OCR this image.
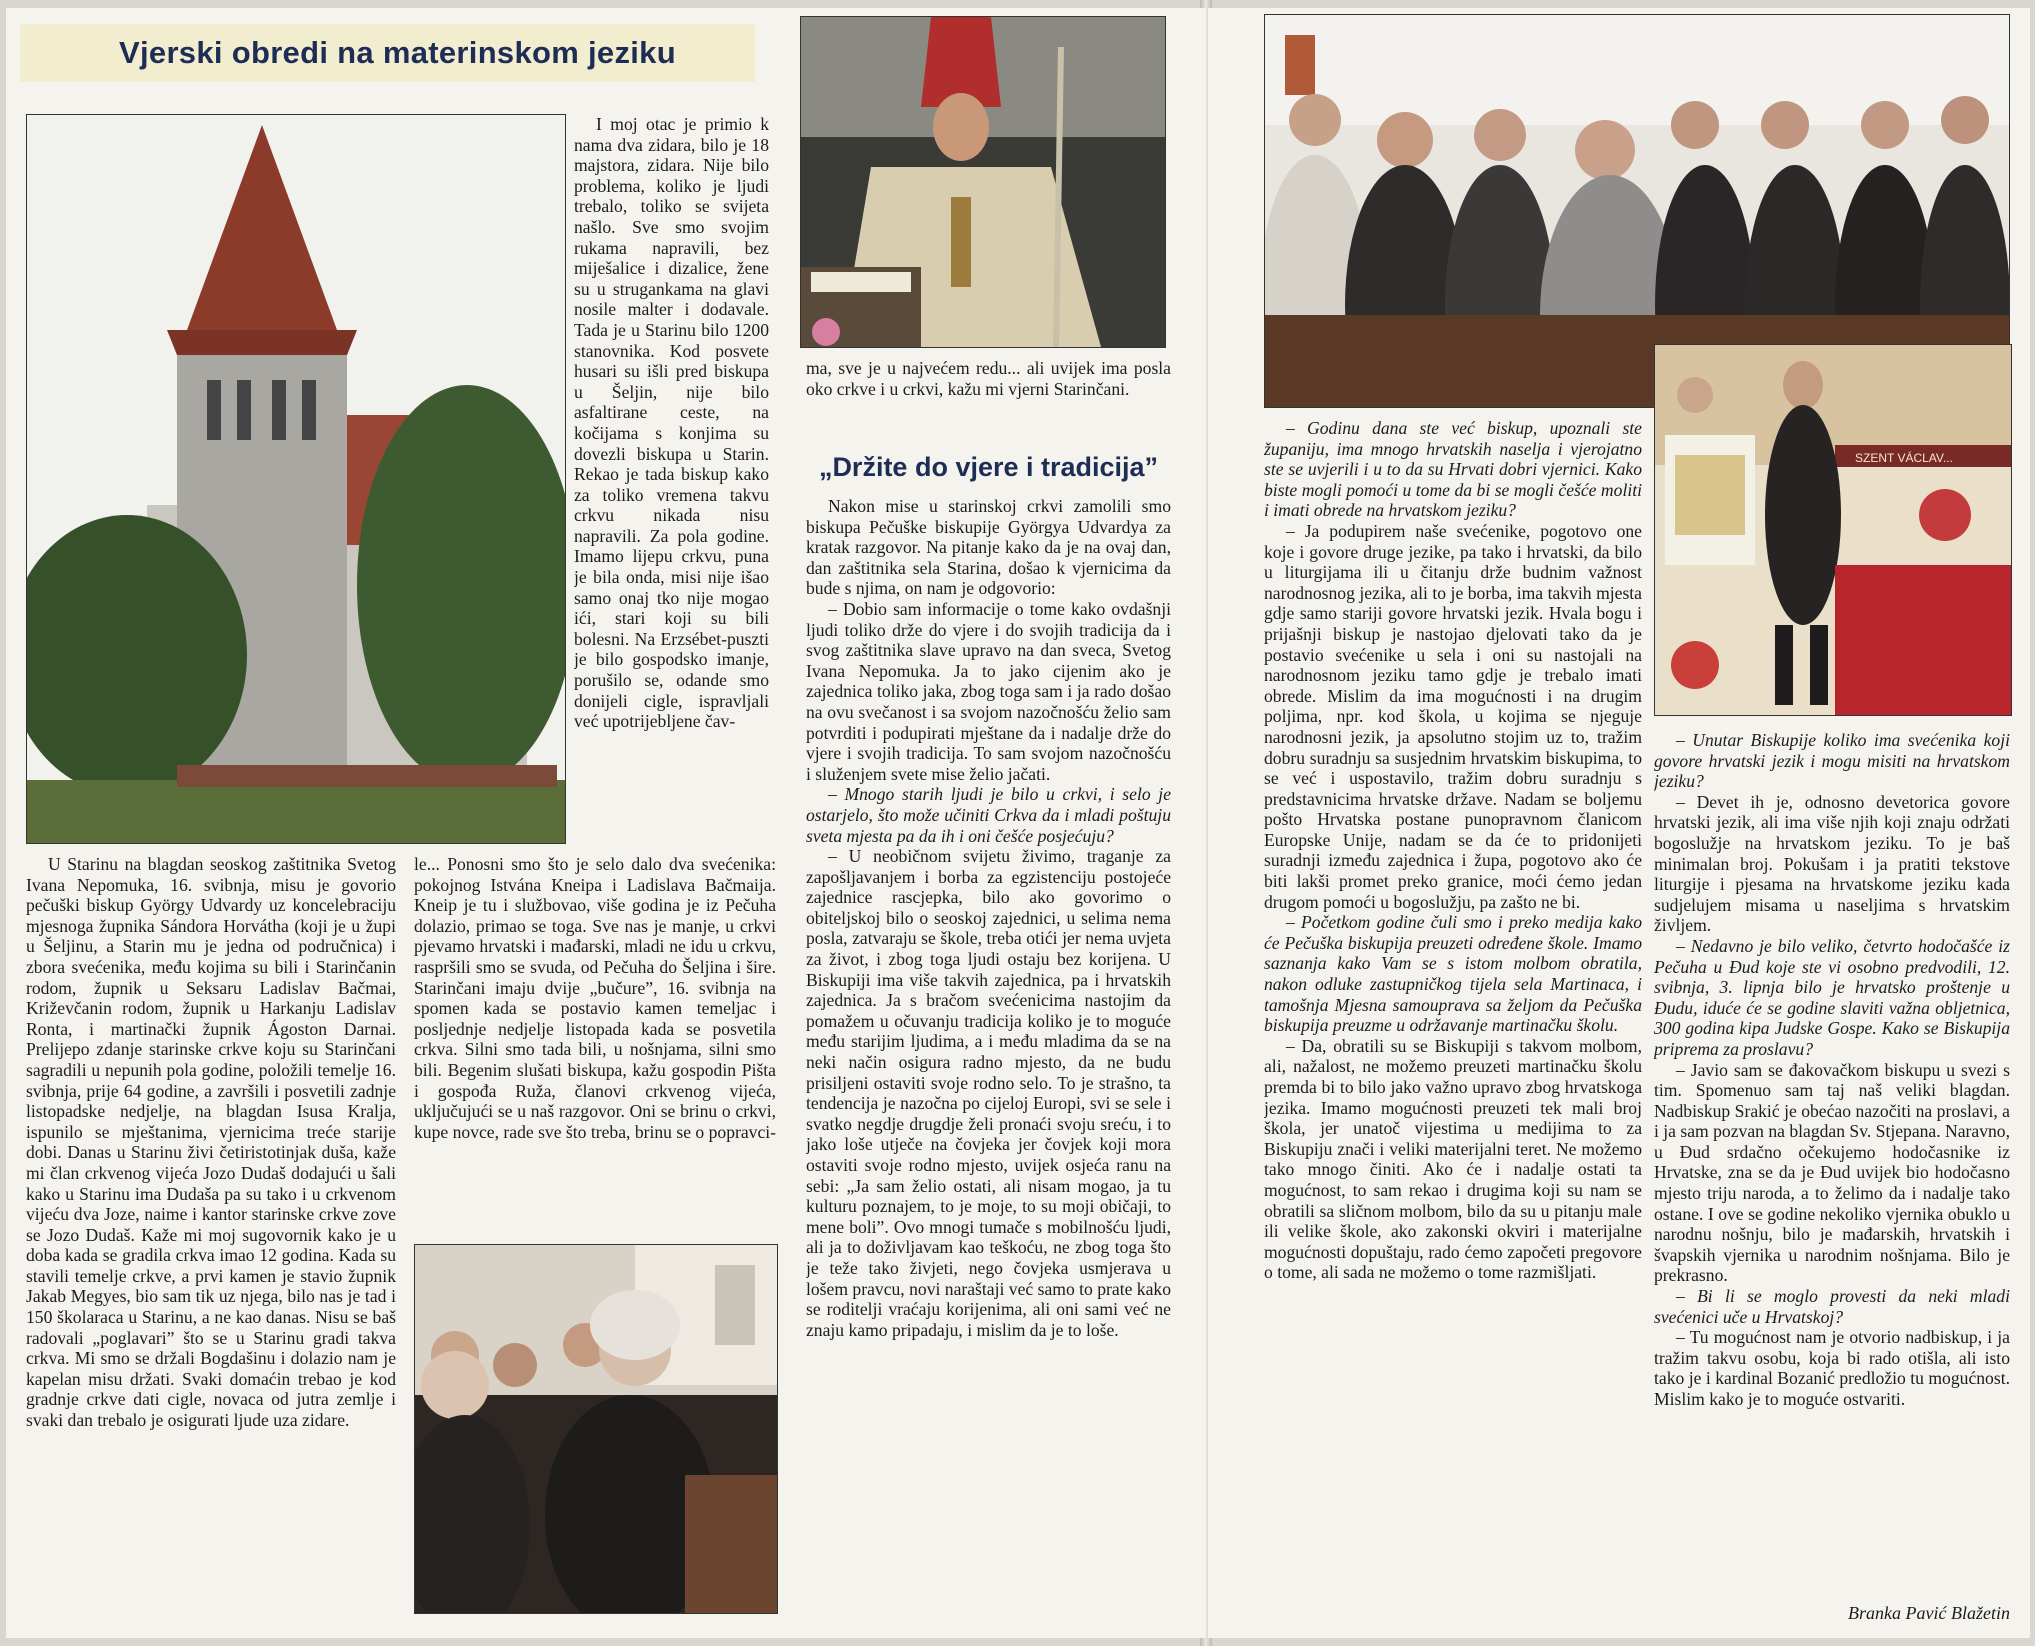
Vjerski obredi na materinskom jeziku

I moj otac je primio k nama dva zidara, bilo je 18 majstora, zidara. Nije bilo problema, koliko je ljudi trebalo, toliko se svijeta našlo. Sve smo svojim rukama napravili, bez miješalice i dizalice, žene su u strugankama na glavi nosile malter i dodavale. Tada je u Starinu bilo 1200 stanovnika. Kod posvete husari su išli pred biskupa u Šeljin, nije bilo asfaltirane ceste, na kočijama s konjima su dovezli biskupa u Starin. Rekao je tada biskup kako za toliko vremena takvu crkvu nikada nisu napravili. Za pola godine. Imamo lijepu crkvu, puna je bila onda, misi nije išao samo onaj tko nije mogao ići, stari koji su bili bolesni. Na Erzsébet-puszti je bilo gospodsko imanje, porušilo se, odande smo donijeli cigle, ispravljali već upotrijebljene čav-

U Starinu na blagdan seoskog zaštitnika Svetog Ivana Nepomuka, 16. svibnja, misu je govorio pečuški biskup György Udvardy uz koncelebraciju mjesnoga župnika Sándora Horvátha (koji je u župi u Šeljinu, a Starin mu je jedna od područnica) i zbora svećenika, među kojima su bili i Starinčanin rodom, župnik u Seksaru Ladislav Bačmai, Križevčanin rodom, župnik u Harkanju Ladislav Ronta, i martinački župnik Ágoston Darnai. Prelijepo zdanje starinske crkve koju su Starinčani sagradili u nepunih pola godine, položili temelje 16. svibnja, prije 64 godine, a završili i posvetili zadnje listopadske nedjelje, na blagdan Isusa Kralja, ispunilo se mještanima, vjernicima treće starije dobi. Danas u Starinu živi četiristotinjak duša, kaže mi član crkvenog vijeća Jozo Dudaš dodajući u šali kako u Starinu ima Dudaša pa su tako i u crkvenom vijeću dva Joze, naime i kantor starinske crkve zove se Jozo Dudaš. Kaže mi moj sugovornik kako je u doba kada se gradila crkva imao 12 godina. Kada su stavili temelje crkve, a prvi kamen je stavio župnik Jakab Megyes, bio sam tik uz njega, bilo nas je tad i 150 školaraca u Starinu, a ne kao danas. Nisu se baš radovali „poglavari” što se u Starinu gradi takva crkva. Mi smo se držali Bogdašinu i dolazio nam je kapelan misu držati. Svaki domaćin trebao je kod gradnje crkve dati cigle, novaca od jutra zemlje i svaki dan trebalo je osigurati ljude uza zidare.

le... Ponosni smo što je selo dalo dva svećenika: pokojnog Istvána Kneipa i Ladislava Bačmaija. Kneip je tu i službovao, više godina je iz Pečuha dolazio, primao se toga. Sve nas je manje, u crkvi pjevamo hrvatski i mađarski, mladi ne idu u crkvu, raspršili smo se svuda, od Pečuha do Šeljina i šire. Starinčani imaju dvije „bučure”, 16. svibnja na spomen kada se postavio kamen temeljac i posljednje nedjelje listopada kada se posvetila crkva. Silni smo tada bili, u nošnjama, silni smo bili. Begenim slušati biskupa, kažu gospodin Pišta i gospođa Ruža, članovi crkvenog vijeća, uključujući se u naš razgovor. Oni se brinu o crkvi, kupe novce, rade sve što treba, brinu se o popravci-

ma, sve je u najvećem redu... ali uvijek ima posla oko crkve i u crkvi, kažu mi vjerni Starinčani.

„Držite do vjere i tradicija”

Nakon mise u starinskoj crkvi zamolili smo biskupa Pečuške biskupije Györgya Udvardya za kratak razgovor. Na pitanje kako da je na ovaj dan, dan zaštitnika sela Starina, došao k vjernicima da bude s njima, on nam je odgovorio:

– Dobio sam informacije o tome kako ovdašnji ljudi toliko drže do vjere i do svojih tradicija da i svog zaštitnika slave upravo na dan sveca, Svetog Ivana Nepomuka. Ja to jako cijenim ako je zajednica toliko jaka, zbog toga sam i ja rado došao na ovu svečanost i sa svojom nazočnošću želio sam potvrditi i podupirati mještane da i nadalje drže do vjere i svojih tradicija. To sam svojom nazočnošću i služenjem svete mise želio jačati.

– Mnogo starih ljudi je bilo u crkvi, i selo je ostarjelo, što može učiniti Crkva da i mladi poštuju sveta mjesta pa da ih i oni češće posjećuju?

– U neobičnom svijetu živimo, traganje za zapošljavanjem i borba za egzistenciju postojeće zajednice rascjepka, bilo ako govorimo o obiteljskoj bilo o seoskoj zajednici, u selima nema posla, zatvaraju se škole, treba otići jer nema uvjeta za život, i zbog toga ljudi ostaju bez korijena. U Biskupiji ima više takvih zajednica, pa i hrvatskih zajednica. Ja s bračom svećenicima nastojim da pomažem u očuvanju tradicija koliko je to moguće među starijim ljudima, a i među mladima da se na neki način osigura radno mjesto, da ne budu prisiljeni ostaviti svoje rodno selo. To je strašno, ta tendencija je nazočna po cijeloj Europi, svi se sele i svatko negdje drugdje želi pronaći svoju sreću, i to jako loše utječe na čovjeka jer čovjek koji mora ostaviti svoje rodno mjesto, uvijek osjeća ranu na sebi: „Ja sam želio ostati, ali nisam mogao, ja tu kulturu poznajem, to je moje, to su moji običaji, to mene boli”. Ovo mnogi tumače s mobilnošću ljudi, ali ja to doživljavam kao teškoću, ne zbog toga što je teže tako živjeti, nego čovjeka usmjerava u lošem pravcu, novi naraštaji već samo to prate kako se roditelji vraćaju korijenima, ali oni sami već ne znaju kamo pripadaju, i mislim da je to loše.

SZENT VÁCLAV...

– Godinu dana ste već biskup, upoznali ste županiju, ima mnogo hrvatskih naselja i vjerojatno ste se uvjerili i u to da su Hrvati dobri vjernici. Kako biste mogli pomoći u tome da bi se mogli češće moliti i imati obrede na hrvatskom jeziku?

– Ja podupirem naše svećenike, pogotovo one koje i govore druge jezike, pa tako i hrvatski, da bilo u liturgijama ili u čitanju drže budnim važnost narodnosnog jezika, ali to je borba, ima takvih mjesta gdje samo stariji govore hrvatski jezik. Hvala bogu i prijašnji biskup je nastojao djelovati tako da je postavio svećenike u sela i oni su nastojali na narodnosnom jeziku tamo gdje je trebalo imati obrede. Mislim da ima mogućnosti i na drugim poljima, npr. kod škola, u kojima se njeguje narodnosni jezik, ja apsolutno stojim uz to, tražim dobru suradnju sa susjednim hrvatskim biskupima, to se već i uspostavilo, tražim dobru suradnju s predstavnicima hrvatske države. Nadam se boljemu pošto Hrvatska postane punopravnom članicom Europske Unije, nadam se da će to pridonijeti suradnji između zajednica i župa, pogotovo ako će biti lakši promet preko granice, moći ćemo jedan drugom pomoći u bogoslužju, pa zašto ne bi.

– Početkom godine čuli smo i preko medija kako će Pečuška biskupija preuzeti određene škole. Imamo saznanja kako Vam se s istom molbom obratila, nakon odluke zastupničkog tijela sela Martinaca, i tamošnja Mjesna samouprava sa željom da Pečuška biskupija preuzme u održavanje martinačku školu.

– Da, obratili su se Biskupiji s takvom molbom, ali, nažalost, ne možemo preuzeti martinačku školu premda bi to bilo jako važno upravo zbog hrvatskoga jezika. Imamo mogućnosti preuzeti tek mali broj škola, jer unatoč vijestima u medijima to za Biskupiju znači i veliki materijalni teret. Ne možemo tako mnogo činiti. Ako će i nadalje ostati ta mogućnost, to sam rekao i drugima koji su nam se obratili sa sličnom molbom, bilo da su u pitanju male ili velike škole, ako zakonski okviri i materijalne mogućnosti dopuštaju, rado ćemo započeti pregovore o tome, ali sada ne možemo o tome razmišljati.

– Unutar Biskupije koliko ima svećenika koji govore hrvatski jezik i mogu misiti na hrvatskom jeziku?

– Devet ih je, odnosno devetorica govore hrvatski jezik, ali ima više njih koji znaju održati bogoslužje na hrvatskom jeziku. To je baš minimalan broj. Pokušam i ja pratiti tekstove liturgije i pjesama na hrvatskome jeziku kada sudjelujem misama u naseljima s hrvatskim življem.

– Nedavno je bilo veliko, četvrto hodočašće iz Pečuha u Đud koje ste vi osobno predvodili, 12. svibnja, 3. lipnja bilo je hrvatsko proštenje u Đudu, iduće će se godine slaviti važna obljetnica, 300 godina kipa Judske Gospe. Kako se Biskupija priprema za proslavu?

– Javio sam se đakovačkom biskupu u svezi s tim. Spomenuo sam taj naš veliki blagdan. Nadbiskup Srakić je obećao nazočiti na proslavi, a i ja sam pozvan na blagdan Sv. Stjepana. Naravno, u Đud srdačno očekujemo hodočasnike iz Hrvatske, zna se da je Đud uvijek bio hodočasno mjesto triju naroda, a to želimo da i nadalje tako ostane. I ove se godine nekoliko vjernika obuklo u narodnu nošnju, bilo je mađarskih, hrvatskih i švapskih vjernika u narodnim nošnjama. Bilo je prekrasno.

– Bi li se moglo provesti da neki mladi svećenici uče u Hrvatskoj?

– Tu mogućnost nam je otvorio nadbiskup, i ja tražim takvu osobu, koja bi rado otišla, ali isto tako je i kardinal Bozanić predložio tu mogućnost. Mislim kako je to moguće ostvariti.

Branka Pavić Blažetin
